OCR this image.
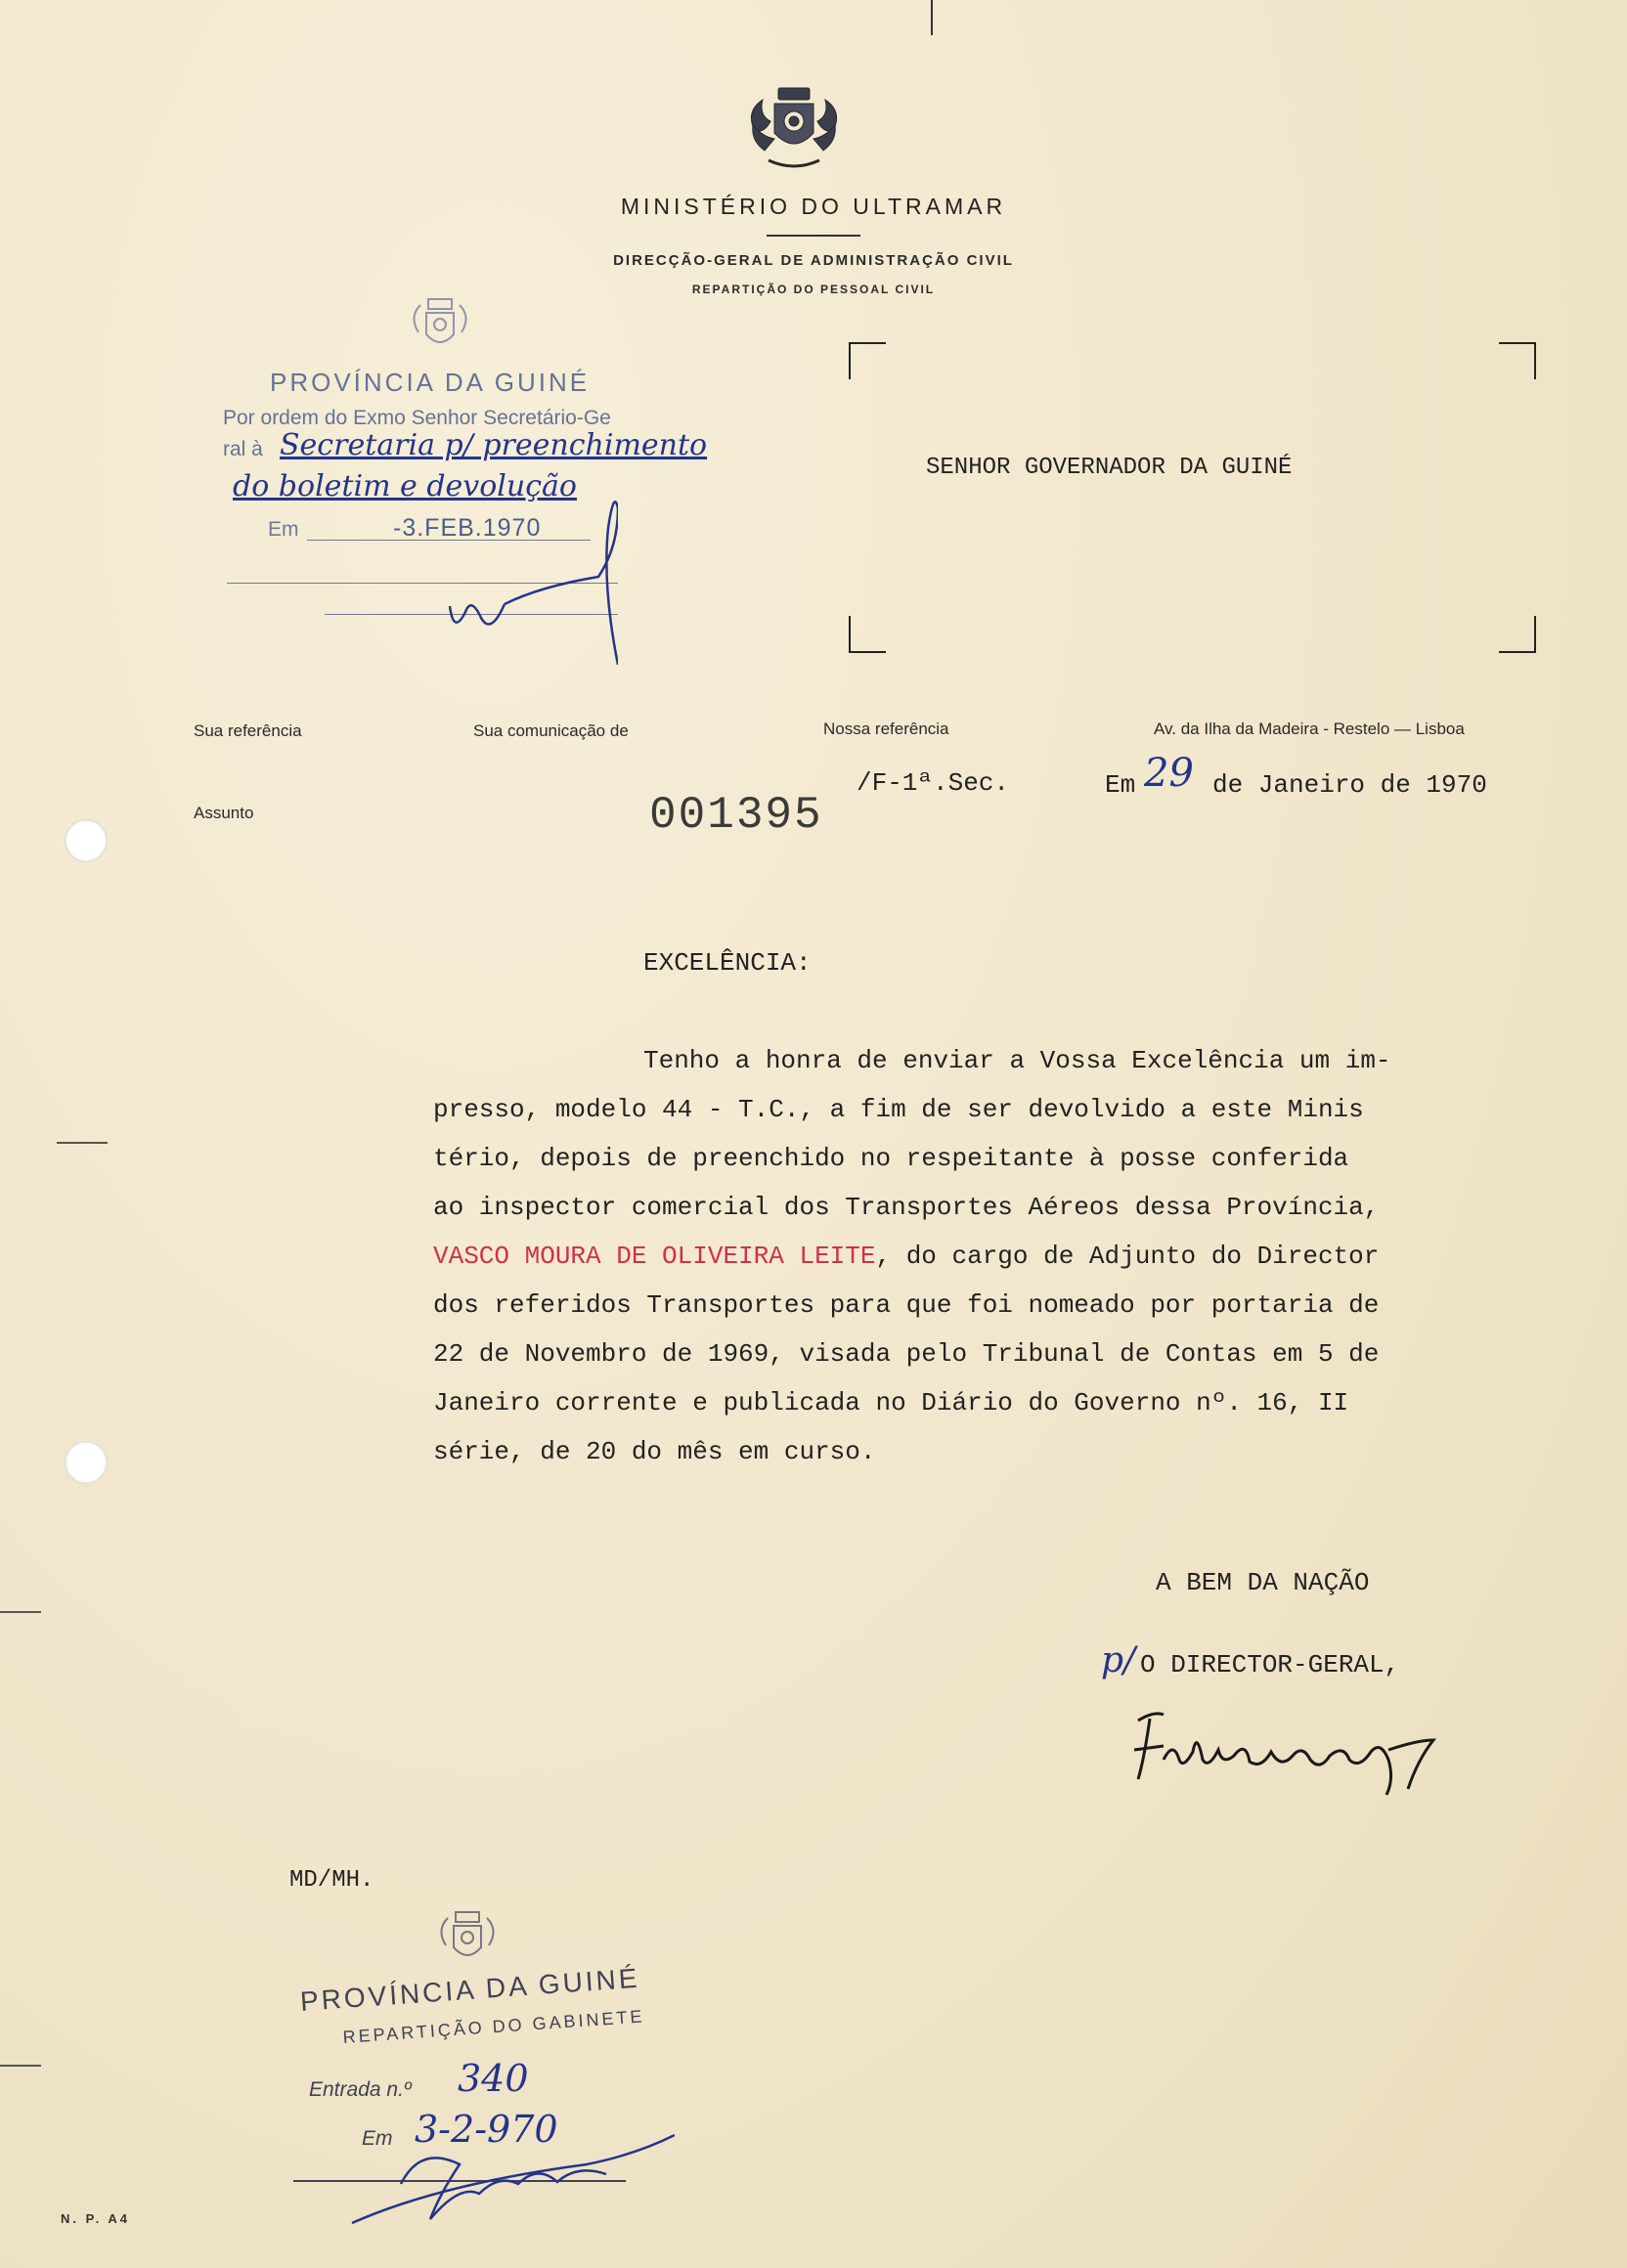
MINISTÉRIO DO ULTRAMAR
DIRECÇÃO-GERAL DE ADMINISTRAÇÃO CIVIL
REPARTIÇÃO DO PESSOAL CIVIL
PROVÍNCIA DA GUINÉ
Por ordem do Exmo Senhor Secretário-Ge
ral à Secretaria p/ preenchimento
do boletim e devolução
Em	-3.FEB.1970
SENHOR GOVERNADOR DA GUINÉ
Sua referência	Sua comunicação de	Nossa referência	Av. da Ilha da Madeira - Restelo — Lisboa
Assunto	001395
/F-1ª.Sec.	Em 29 de Janeiro de 1970
EXCELÊNCIA:
Tenho a honra de enviar a Vossa Excelência um im-
presso, modelo 44 - T.C., a fim de ser devolvido a este Minis
tério, depois de preenchido no respeitante à posse conferida
ao inspector comercial dos Transportes Aéreos dessa Província,
VASCO MOURA DE OLIVEIRA LEITE, do cargo de Adjunto do Director
dos referidos Transportes para que foi nomeado por portaria de
22 de Novembro de 1969, visada pelo Tribunal de Contas em 5 de
Janeiro corrente e publicada no Diário do Governo nº. 16, II
série, de 20 do mês em curso.
A BEM DA NAÇÃO
p/ O DIRECTOR-GERAL,
MD/MH.
PROVÍNCIA DA GUINÉ
REPARTIÇÃO DO GABINETE
Entrada n.º 340
Em 3-2-970
N. P. A4
